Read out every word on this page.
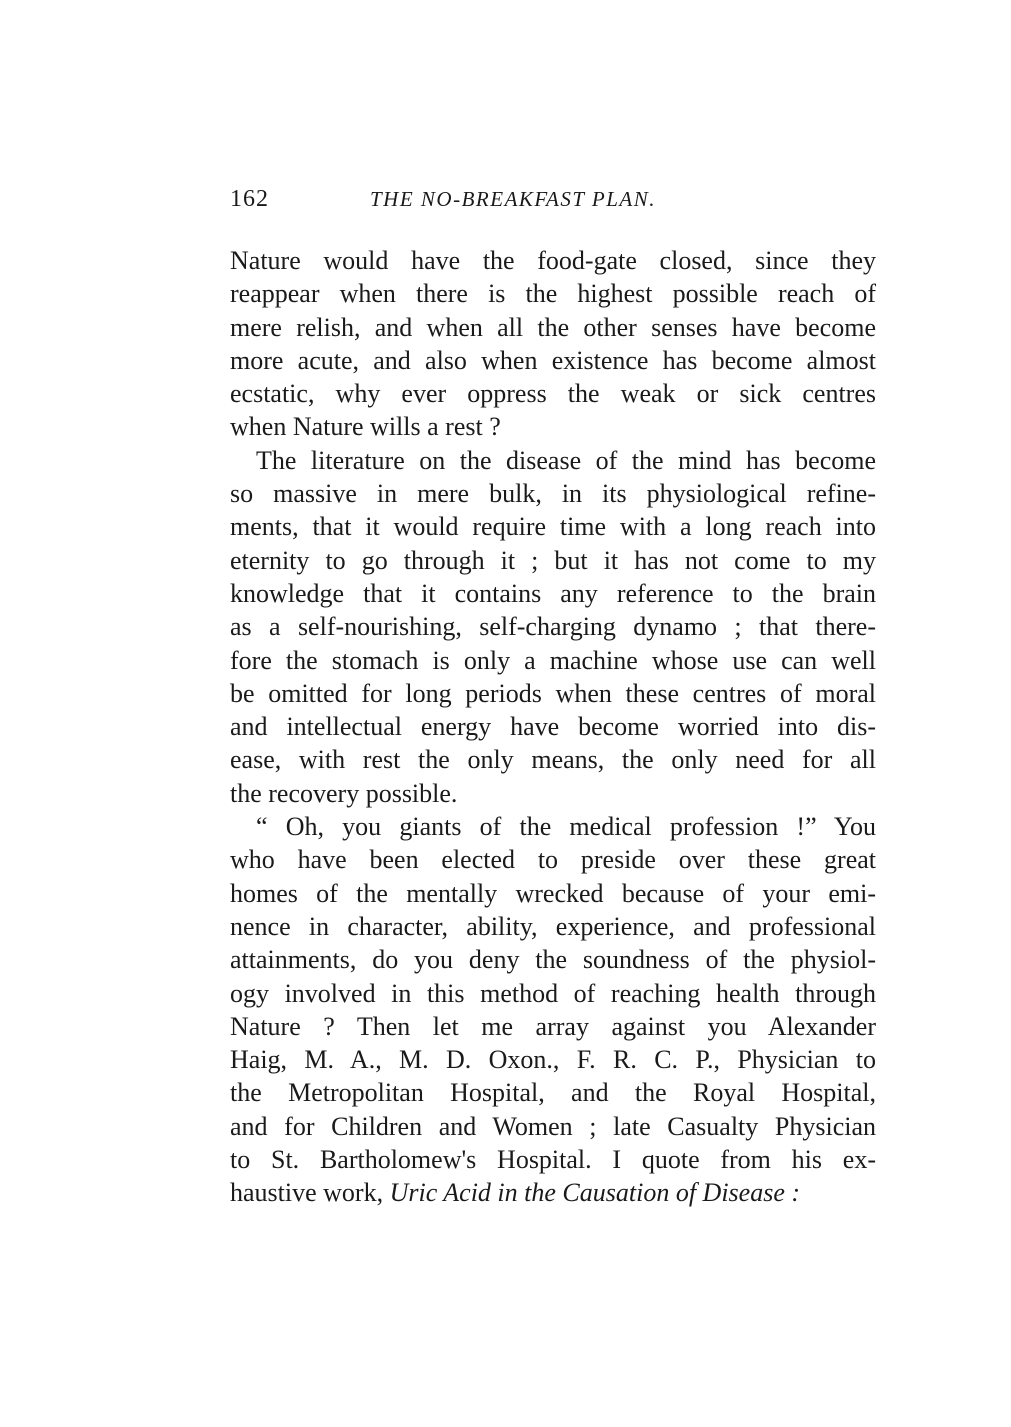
162	THE NO-BREAKFAST PLAN.
Nature would have the food-gate closed, since they
reappear when there is the highest possible reach of
mere relish, and when all the other senses have become
more acute, and also when existence has become almost
ecstatic, why ever oppress the weak or sick centres
when Nature wills a rest ?
The literature on the disease of the mind has become
so massive in mere bulk, in its physiological refine-
ments, that it would require time with a long reach into
eternity to go through it ; but it has not come to my
knowledge that it contains any reference to the brain
as a self-nourishing, self-charging dynamo ; that there-
fore the stomach is only a machine whose use can well
be omitted for long periods when these centres of moral
and intellectual energy have become worried into dis-
ease, with rest the only means, the only need for all
the recovery possible.
“ Oh, you giants of the medical profession !” You
who have been elected to preside over these great
homes of the mentally wrecked because of your emi-
nence in character, ability, experience, and professional
attainments, do you deny the soundness of the physiol-
ogy involved in this method of reaching health through
Nature ? Then let me array against you Alexander
Haig, M. A., M. D. Oxon., F. R. C. P., Physician to
the Metropolitan Hospital, and the Royal Hospital,
and for Children and Women ; late Casualty Physician
to St. Bartholomew's Hospital. I quote from his ex-
haustive work, Uric Acid in the Causation of Disease :
